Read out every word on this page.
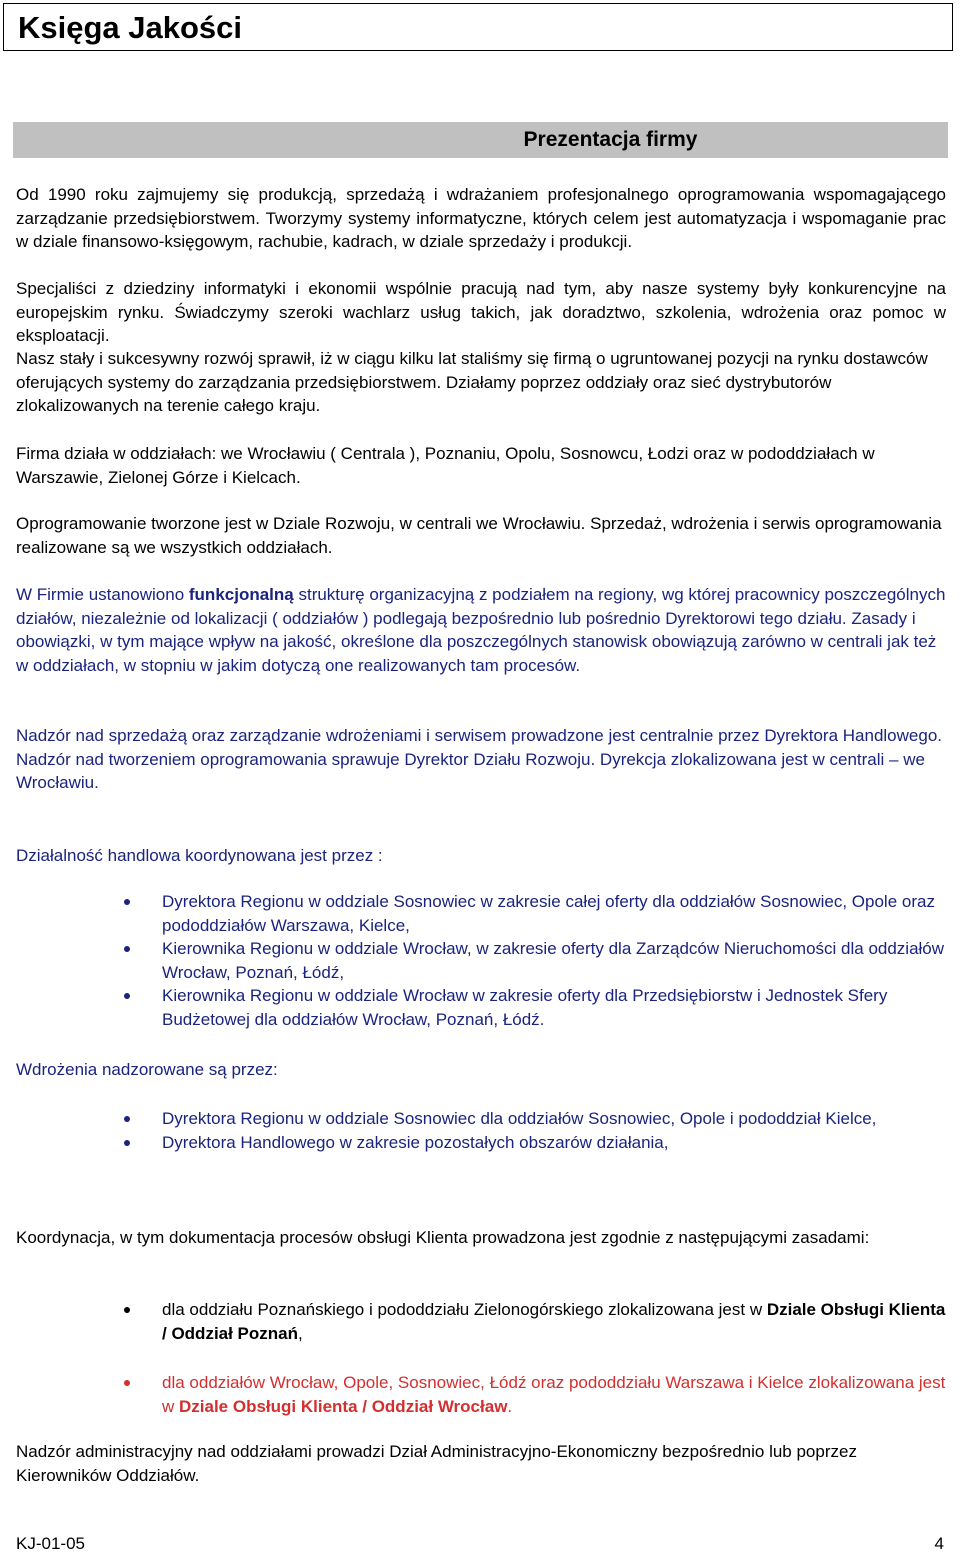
Księga Jakości
Prezentacja firmy

Od 1990 roku zajmujemy się produkcją, sprzedażą i wdrażaniem profesjonalnego oprogramowania wspomagającego zarządzanie przedsiębiorstwem. Tworzymy systemy informatyczne, których celem jest automatyzacja i wspomaganie prac w dziale finansowo-księgowym, rachubie, kadrach, w dziale sprzedaży i produkcji.

Specjaliści z dziedziny informatyki i ekonomii wspólnie pracują nad tym, aby nasze systemy były konkurencyjne na europejskim rynku. Świadczymy szeroki wachlarz usług takich, jak doradztwo, szkolenia, wdrożenia oraz pomoc w eksploatacji.

Nasz stały i sukcesywny rozwój sprawił, iż w ciągu kilku lat staliśmy się firmą o ugruntowanej pozycji na rynku dostawców oferujących systemy do zarządzania przedsiębiorstwem. Działamy poprzez oddziały oraz sieć dystrybutorów zlokalizowanych na terenie całego kraju.

Firma działa w oddziałach: we Wrocławiu ( Centrala ), Poznaniu, Opolu, Sosnowcu, Łodzi oraz w pododdziałach w Warszawie, Zielonej Górze i Kielcach.

Oprogramowanie tworzone jest w Dziale Rozwoju, w centrali we Wrocławiu. Sprzedaż, wdrożenia i serwis oprogramowania realizowane są we wszystkich oddziałach.

W Firmie ustanowiono funkcjonalną strukturę organizacyjną z podziałem na regiony, wg której pracownicy poszczególnych działów, niezależnie od lokalizacji ( oddziałów ) podlegają bezpośrednio lub pośrednio Dyrektorowi tego działu. Zasady i obowiązki, w tym mające wpływ na jakość, określone dla poszczególnych stanowisk obowiązują zarówno w centrali jak też w oddziałach, w stopniu w jakim dotyczą one realizowanych tam procesów.

Nadzór nad sprzedażą oraz zarządzanie wdrożeniami i serwisem prowadzone jest centralnie przez Dyrektora Handlowego. Nadzór nad tworzeniem oprogramowania sprawuje Dyrektor Działu Rozwoju. Dyrekcja zlokalizowana jest w centrali – we Wrocławiu.

Działalność handlowa koordynowana jest przez :

Dyrektora Regionu w oddziale Sosnowiec w zakresie całej oferty dla oddziałów Sosnowiec, Opole oraz pododdziałów Warszawa, Kielce,
Kierownika Regionu w oddziale Wrocław, w zakresie oferty dla Zarządców Nieruchomości dla oddziałów Wrocław, Poznań, Łódź,
Kierownika Regionu w oddziale Wrocław w zakresie oferty dla Przedsiębiorstw i Jednostek Sfery Budżetowej dla oddziałów Wrocław, Poznań, Łódź.

Wdrożenia nadzorowane są przez:

Dyrektora Regionu w oddziale Sosnowiec dla oddziałów Sosnowiec, Opole i pododdział Kielce,
Dyrektora Handlowego w zakresie pozostałych obszarów działania,

Koordynacja, w tym dokumentacja procesów obsługi Klienta prowadzona jest zgodnie z następującymi zasadami:

dla oddziału Poznańskiego i pododdziału Zielonogórskiego zlokalizowana jest w Dziale Obsługi Klienta / Oddział Poznań,
dla oddziałów Wrocław, Opole, Sosnowiec, Łódź oraz pododdziału Warszawa i Kielce zlokalizowana jest w Dziale Obsługi Klienta / Oddział Wrocław.

Nadzór administracyjny nad oddziałami prowadzi Dział Administracyjno-Ekonomiczny bezpośrednio lub poprzez Kierowników Oddziałów.

KJ-01-05	4
